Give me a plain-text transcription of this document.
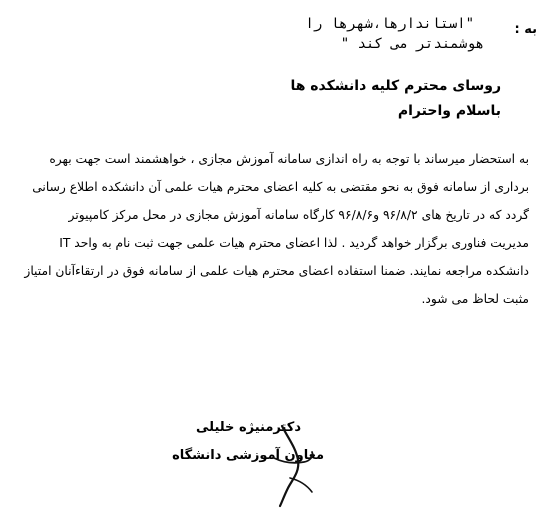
به :
"استاندارها،شهرها را
هوشمندتر می کند "
روسای محترم کلیه دانشکده ها
باسلام واحترام
به استحضار میرساند با توجه به راه اندازی سامانه آموزش مجازی ، خواهشمند است جهت بهره
برداری از سامانه فوق به نحو مقتضی به کلیه اعضای محترم هیات علمی آن دانشکده اطلاع رسانی
گردد که در تاریخ های ۹۶/۸/۲ و۹۶/۸/۶ کارگاه سامانه آموزش مجازی در محل مرکز کامپیوتر
مدیریت فناوری برگزار خواهد گردید . لذا اعضای محترم هیات علمی جهت ثبت نام به واحد IT
دانشکده مراجعه نمایند. ضمنا استفاده اعضای محترم هیات علمی از سامانه فوق در ارتقاءآنان امتیاز
مثبت لحاظ می شود.
دکترمنیژه خلیلی
معاون آموزشی دانشگاه
